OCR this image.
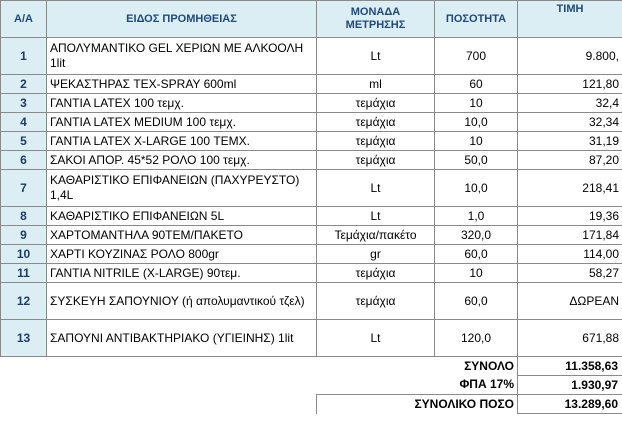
Α/Α	ΕΙΔΟΣ ΠΡΟΜΗΘΕΙΑΣ	ΜΟΝΑΔΑ ΜΕΤΡΗΣΗΣ	ΠΟΣΟΤΗΤΑ	ΤΙΜΗ
1	ΑΠΟΛΥΜΑΝΤΙΚΟ GEL ΧΕΡΙΩΝ ΜΕ ΑΛΚΟΟΛΗ 1lit	Lt	700	9.800,
2	ΨΕΚΑΣΤΗΡΑΣ TEX-SPRAY 600ml	ml	60	121,80
3	ΓΑΝΤΙΑ LATEX 100 τεμχ.	τεμάχια	10	32,4
4	ΓΑΝΤΙΑ LATEX MEDIUM 100 τεμχ.	τεμάχια	10,0	32,34
5	ΓΑΝΤΙΑ LATEX X-LARGE 100 ΤΕΜΧ.	τεμάχια	10	31,19
6	ΣΑΚΟΙ ΑΠΟΡ. 45*52 ΡΟΛΟ 100 τεμχ.	τεμάχια	50,0	87,20
7	ΚΑΘΑΡΙΣΤΙΚΟ ΕΠΙΦΑΝΕΙΩΝ (ΠΑΧΥΡΕΥΣΤΟ) 1,4L	Lt	10,0	218,41
8	ΚΑΘΑΡΙΣΤΙΚΟ ΕΠΙΦΑΝΕΙΩΝ 5L	Lt	1,0	19,36
9	ΧΑΡΤΟΜΑΝΤΗΛΑ 90ΤΕΜ/ΠΑΚΕΤΟ	Τεμάχια/πακέτο	320,0	171,84
10	ΧΑΡΤΙ ΚΟΥΖΙΝΑΣ ΡΟΛΟ 800gr	gr	60,0	114,00
11	ΓΑΝΤΙΑ NITRILE (X-LARGE) 90τεμ.	τεμάχια	10	58,27
12	ΣΥΣΚΕΥΗ ΣΑΠΟΥΝΙΟΥ (ή απολυμαντικού τζελ)	τεμάχια	60,0	ΔΩΡΕΑΝ
13	ΣΑΠΟΥΝΙ ΑΝΤΙΒΑΚΤΗΡΙΑΚΟ (ΥΓΙΕΙΝΗΣ) 1lit	Lt	120,0	671,88
		ΣΥΝΟΛΟ		11.358,63
		ΦΠΑ 17%		1.930,97
		ΣΥΝΟΛΙΚΟ ΠΟΣΟ		13.289,60
